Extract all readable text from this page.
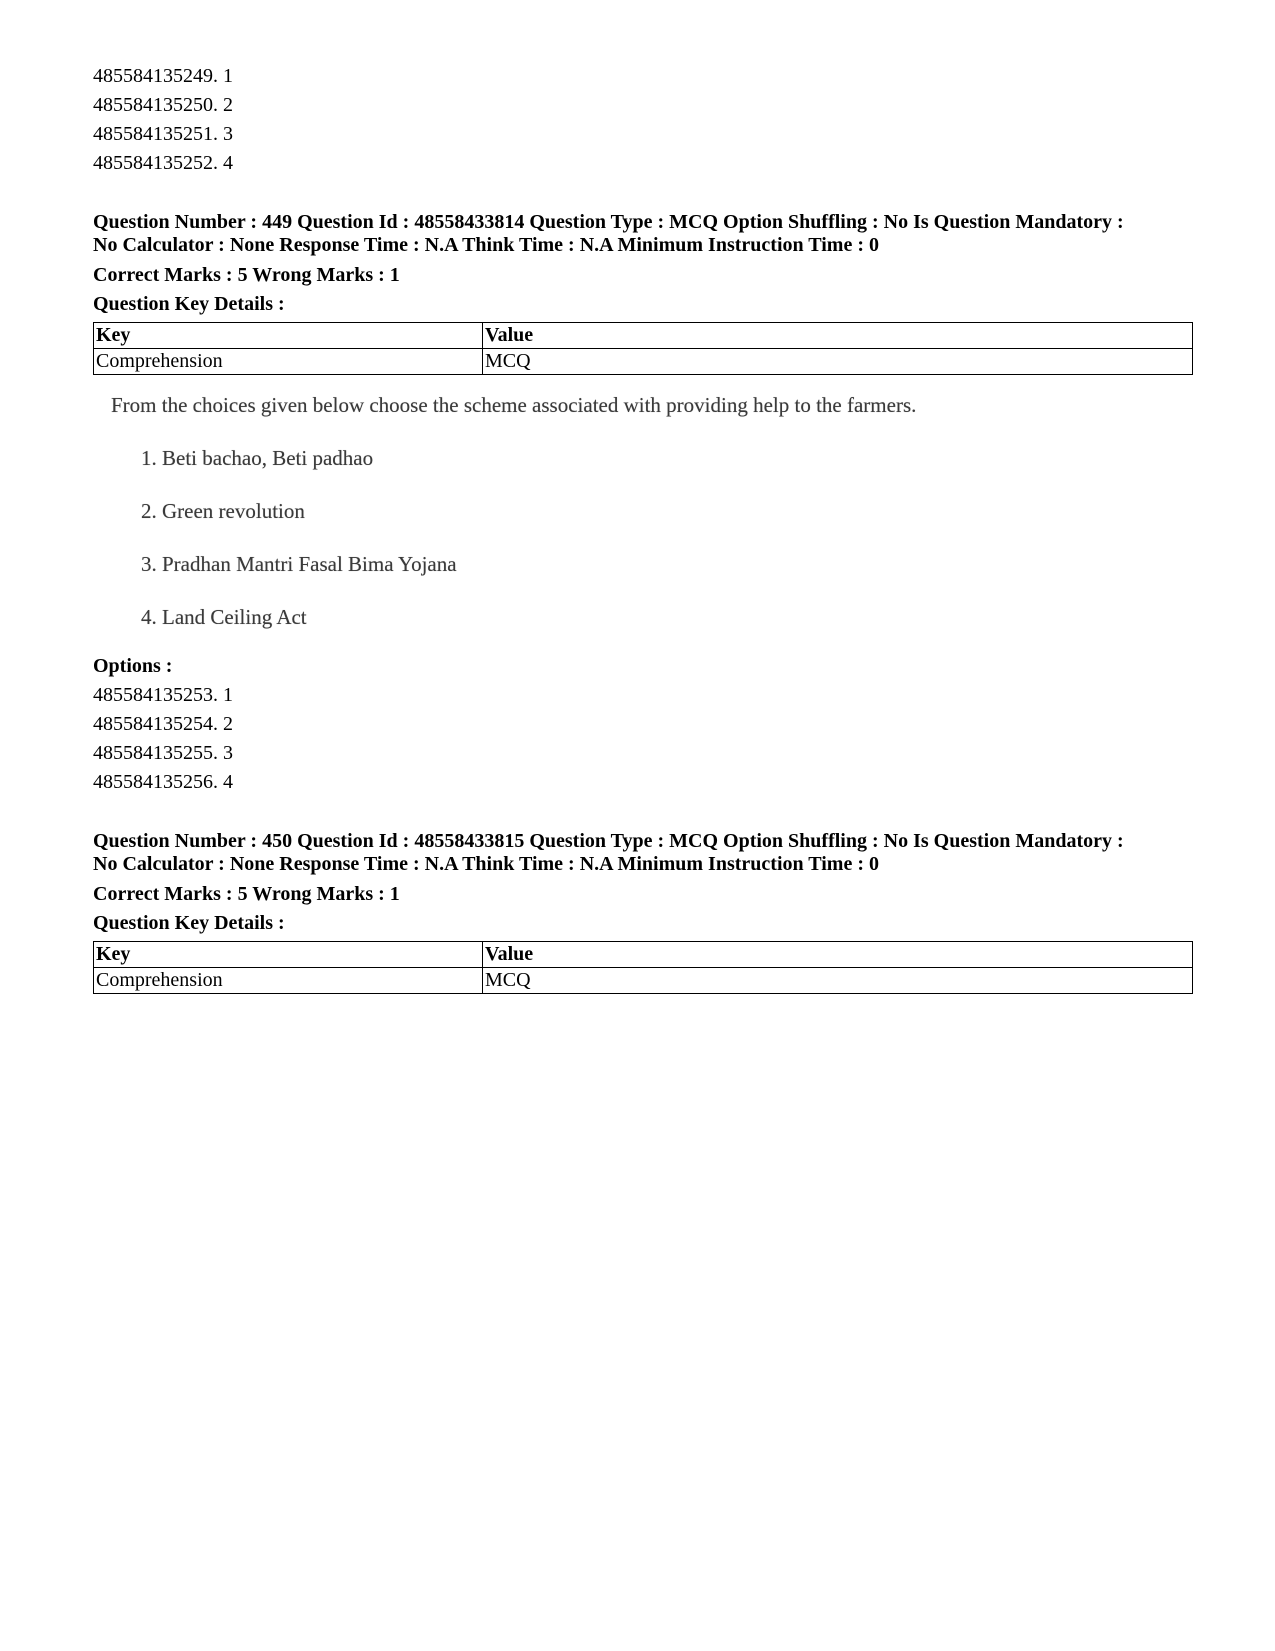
485584135249. 1
485584135250. 2
485584135251. 3
485584135252. 4
Question Number : 449 Question Id : 48558433814 Question Type : MCQ Option Shuffling : No Is Question Mandatory :
No Calculator : None Response Time : N.A Think Time : N.A Minimum Instruction Time : 0
Correct Marks : 5 Wrong Marks : 1
Question Key Details :
Key	Value
Comprehension	MCQ
From the choices given below choose the scheme associated with providing help to the farmers.
1. Beti bachao, Beti padhao
2. Green revolution
3. Pradhan Mantri Fasal Bima Yojana
4. Land Ceiling Act
Options :
485584135253. 1
485584135254. 2
485584135255. 3
485584135256. 4
Question Number : 450 Question Id : 48558433815 Question Type : MCQ Option Shuffling : No Is Question Mandatory :
No Calculator : None Response Time : N.A Think Time : N.A Minimum Instruction Time : 0
Correct Marks : 5 Wrong Marks : 1
Question Key Details :
Key	Value
Comprehension	MCQ
